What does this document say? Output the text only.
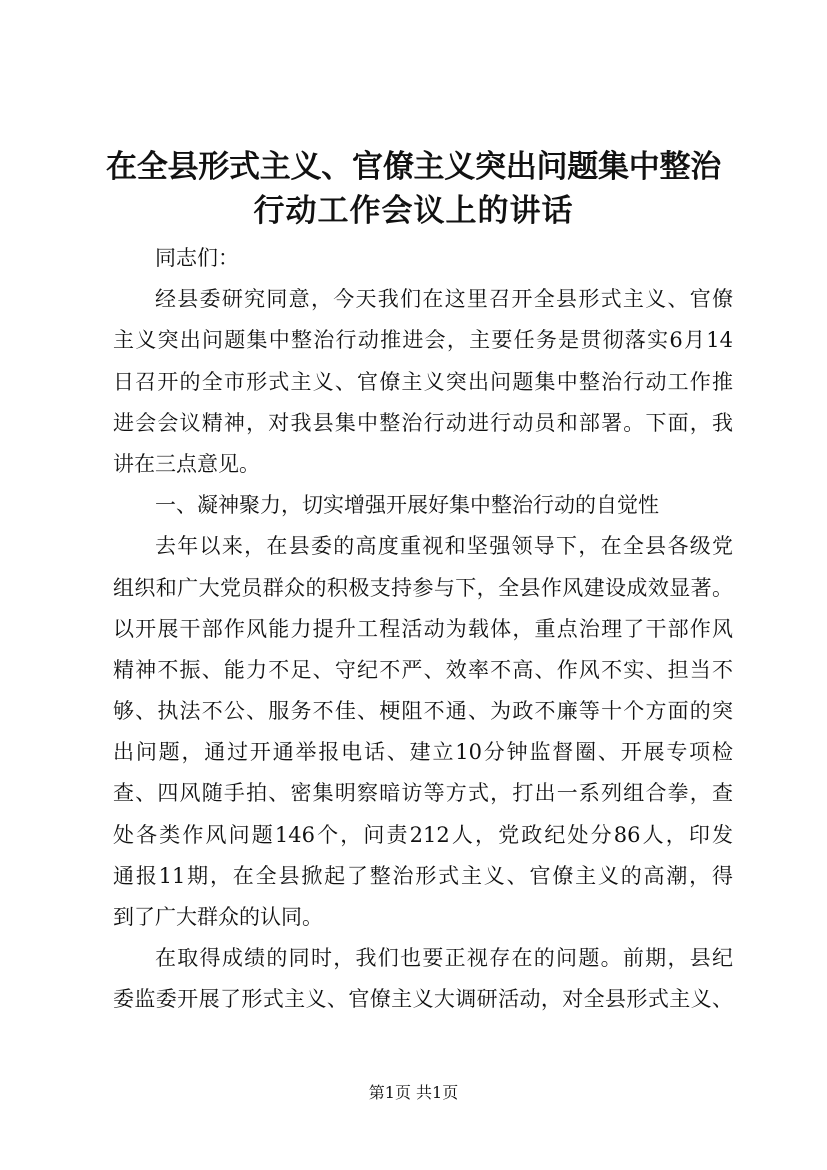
在全县形式主义、官僚主义突出问题集中整治
行动工作会议上的讲话
同志们：
经县委研究同意，今天我们在这里召开全县形式主义、官僚
主义突出问题集中整治行动推进会，主要任务是贯彻落实6月14
日召开的全市形式主义、官僚主义突出问题集中整治行动工作推
进会会议精神，对我县集中整治行动进行动员和部署。下面，我
讲在三点意见。
一、凝神聚力，切实增强开展好集中整治行动的自觉性
去年以来，在县委的高度重视和坚强领导下，在全县各级党
组织和广大党员群众的积极支持参与下，全县作风建设成效显著。
以开展干部作风能力提升工程活动为载体，重点治理了干部作风
精神不振、能力不足、守纪不严、效率不高、作风不实、担当不
够、执法不公、服务不佳、梗阻不通、为政不廉等十个方面的突
出问题，通过开通举报电话、建立10分钟监督圈、开展专项检
查、四风随手拍、密集明察暗访等方式，打出一系列组合拳，查
处各类作风问题146个，问责212人，党政纪处分86人，印发
通报11期，在全县掀起了整治形式主义、官僚主义的高潮，得
到了广大群众的认同。
在取得成绩的同时，我们也要正视存在的问题。前期，县纪
委监委开展了形式主义、官僚主义大调研活动，对全县形式主义、
第1页 共1页
